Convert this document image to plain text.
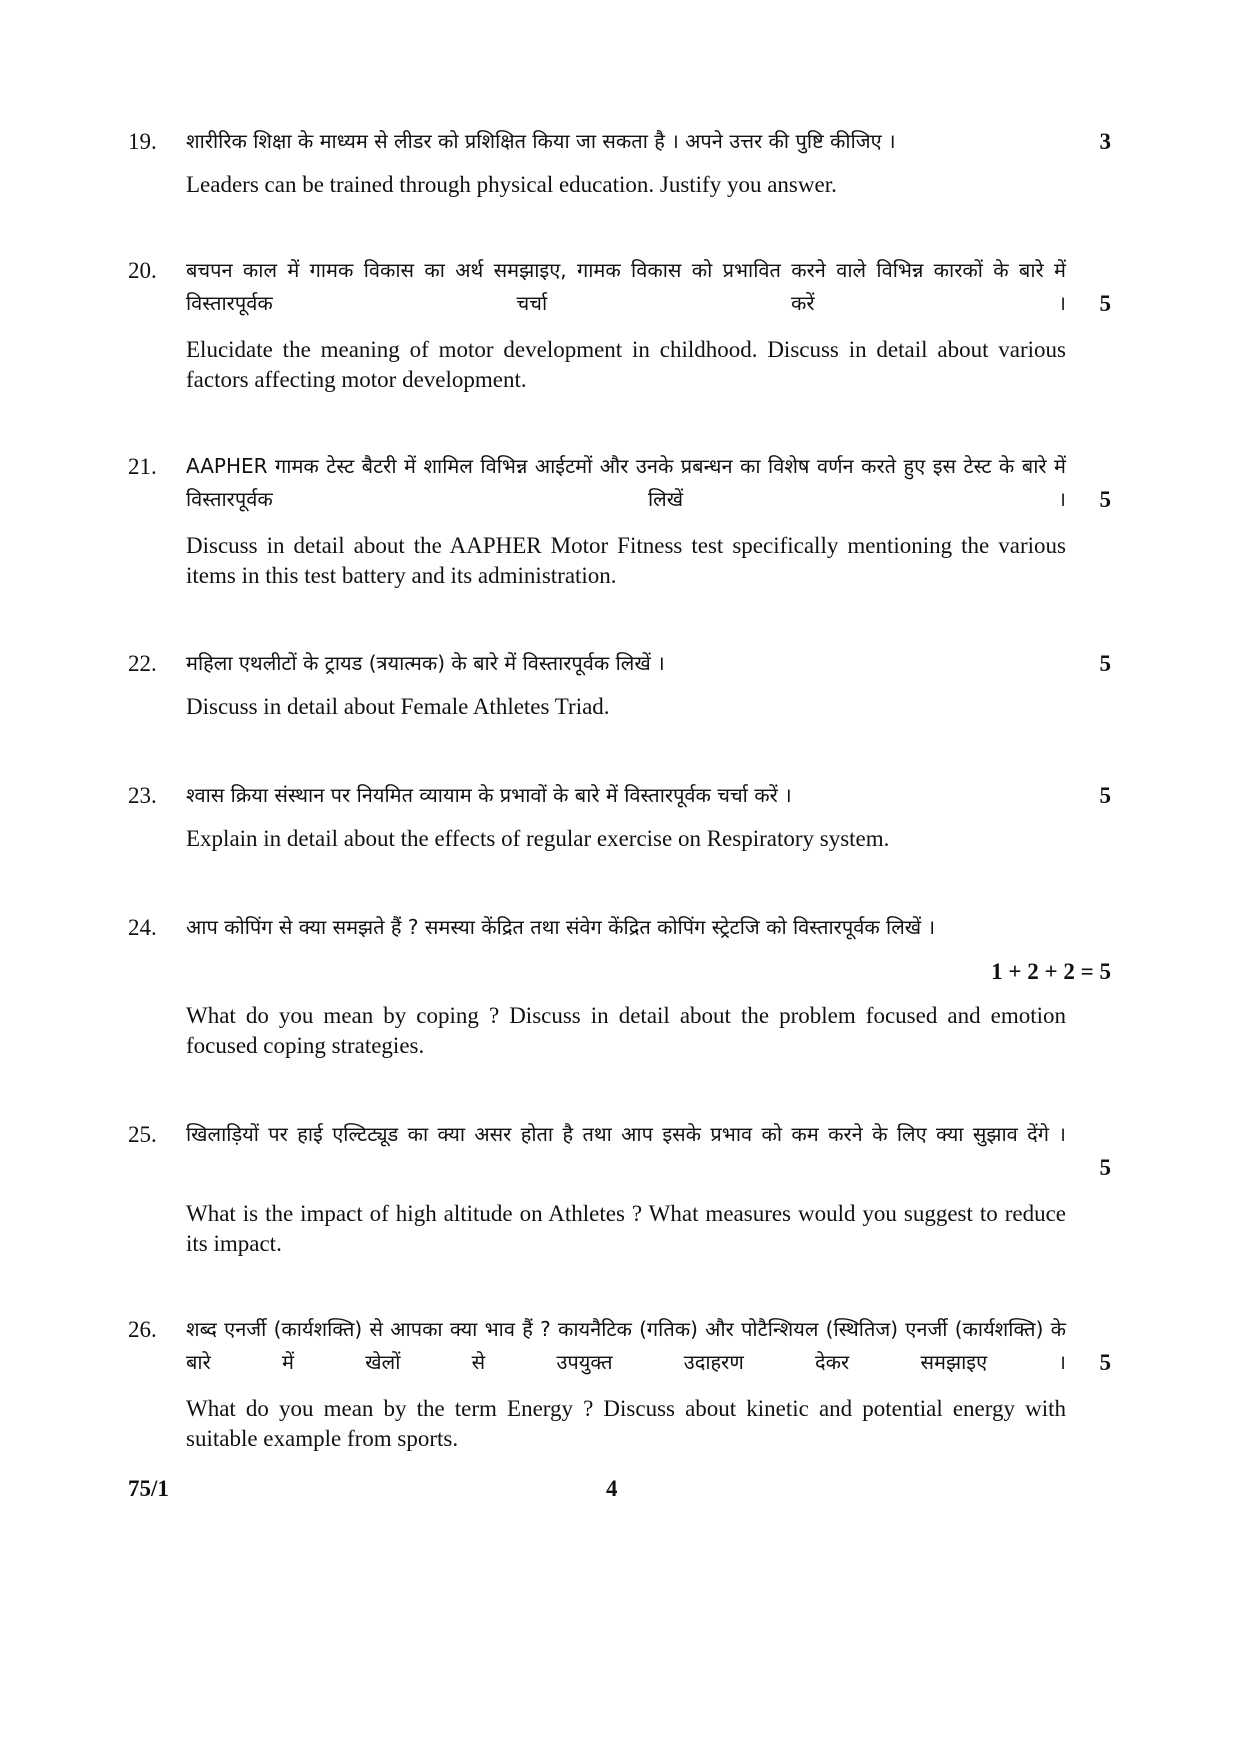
19. शारीरिक शिक्षा के माध्यम से लीडर को प्रशिक्षित किया जा सकता है । अपने उत्तर की पुष्टि कीजिए ।	3
Leaders can be trained through physical education. Justify you answer.
20. बचपन काल में गामक विकास का अर्थ समझाइए, गामक विकास को प्रभावित करने वाले विभिन्न कारकों के बारे में विस्तारपूर्वक चर्चा करें । 5
Elucidate the meaning of motor development in childhood. Discuss in detail about various factors affecting motor development.
21. AAPHER गामक टेस्ट बैटरी में शामिल विभिन्न आईटमों और उनके प्रबन्धन का विशेष वर्णन करते हुए इस टेस्ट के बारे में विस्तारपूर्वक लिखें । 5
Discuss in detail about the AAPHER Motor Fitness test specifically mentioning the various items in this test battery and its administration.
22. महिला एथलीटों के ट्रायड (त्रयात्मक) के बारे में विस्तारपूर्वक लिखें ।	5
Discuss in detail about Female Athletes Triad.
23. श्वास क्रिया संस्थान पर नियमित व्यायाम के प्रभावों के बारे में विस्तारपूर्वक चर्चा करें ।	5
Explain in detail about the effects of regular exercise on Respiratory system.
24. आप कोपिंग से क्या समझते हैं ? समस्या केंद्रित तथा संवेग केंद्रित कोपिंग स्ट्रेटजि को विस्तारपूर्वक लिखें ।
1 + 2 + 2 = 5
What do you mean by coping ? Discuss in detail about the problem focused and emotion focused coping strategies.
25. खिलाड़ियों पर हाई एल्टिट्यूड का क्या असर होता है तथा आप इसके प्रभाव को कम करने के लिए क्या सुझाव देंगे ।
5
What is the impact of high altitude on Athletes ? What measures would you suggest to reduce its impact.
26. शब्द एनर्जी (कार्यशक्ति) से आपका क्या भाव हैं ? कायनैटिक (गतिक) और पोटैन्शियल (स्थितिज) एनर्जी (कार्यशक्ति) के बारे में खेलों से उपयुक्त उदाहरण देकर समझाइए । 5
What do you mean by the term Energy ? Discuss about kinetic and potential energy with suitable example from sports.
75/1	4
